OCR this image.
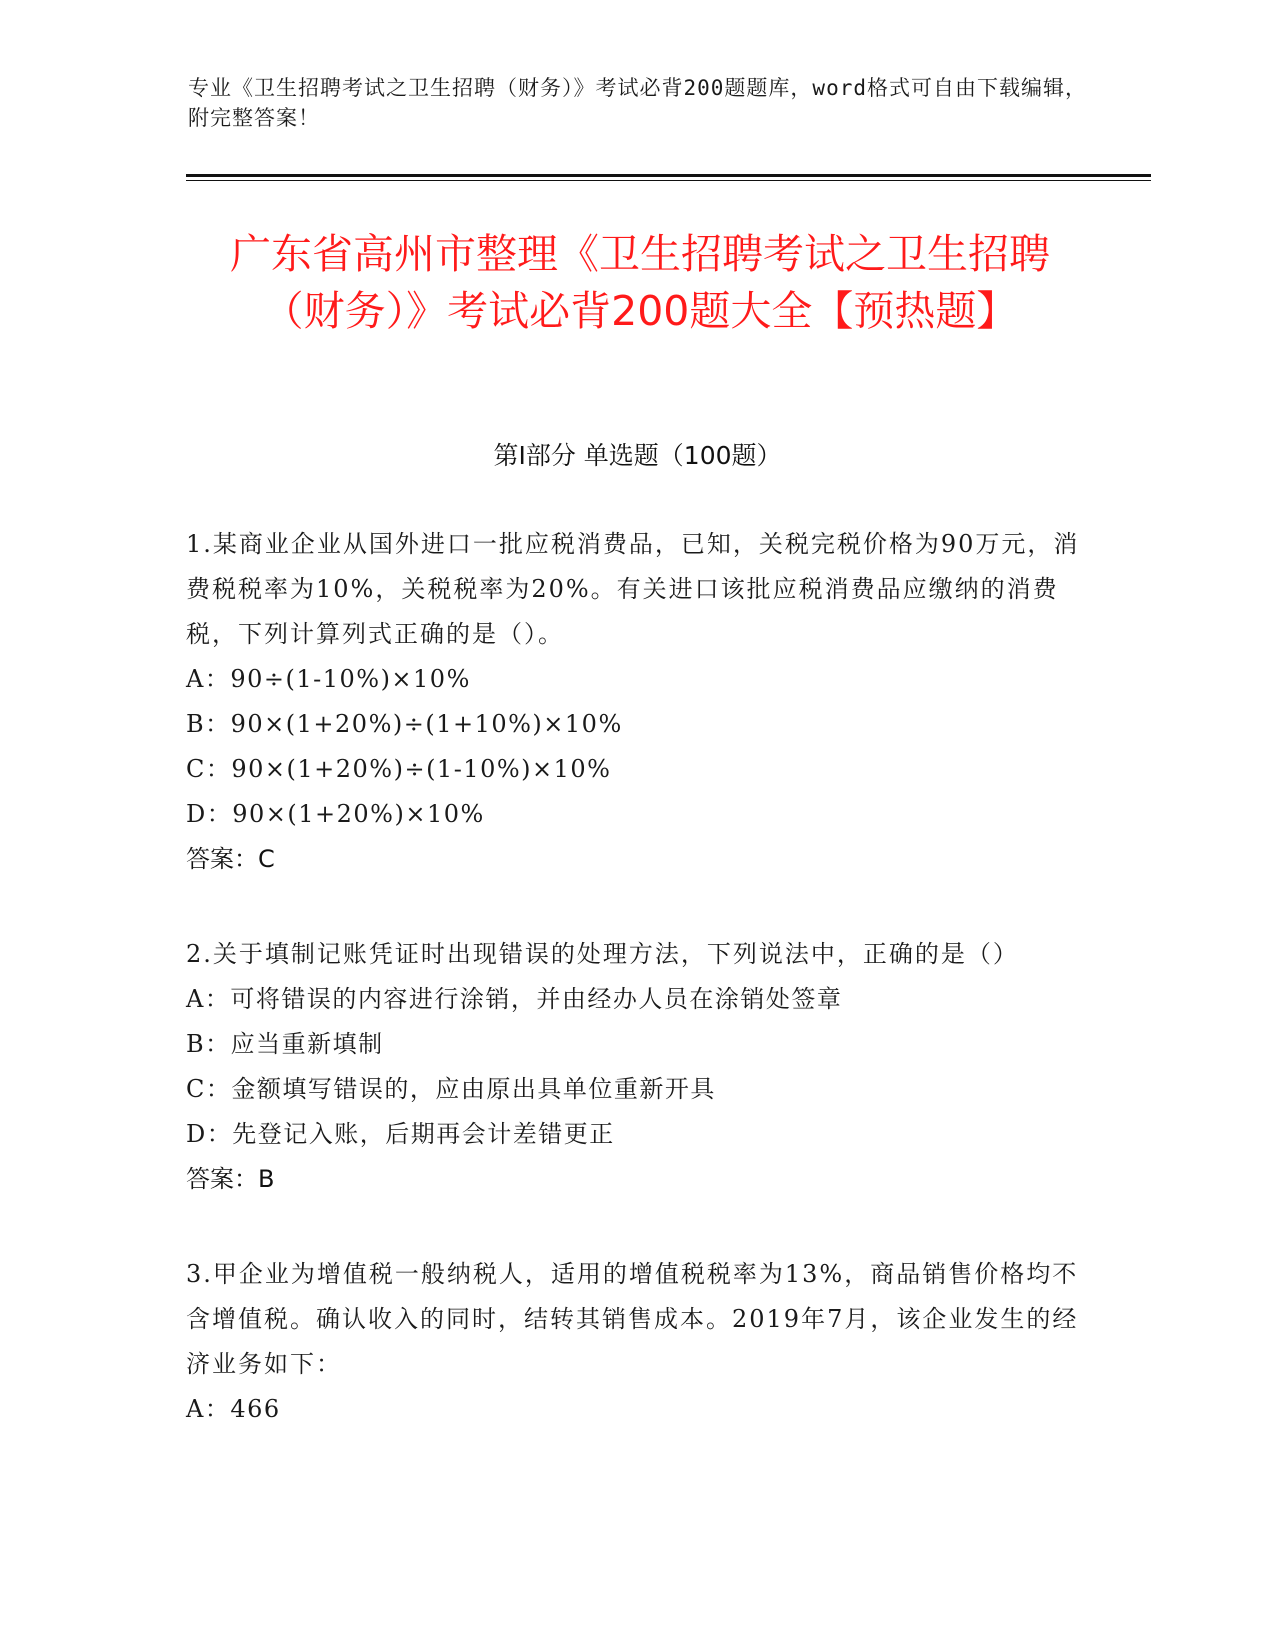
专业《卫生招聘考试之卫生招聘（财务）》考试必背200题题库，word格式可自由下载编辑，附完整答案！
广东省高州市整理《卫生招聘考试之卫生招聘（财务）》考试必背200题大全【预热题】
第Ⅰ部分 单选题（100题）
1.某商业企业从国外进口一批应税消费品，已知，关税完税价格为90万元，消费税税率为10%，关税税率为20%。有关进口该批应税消费品应缴纳的消费税，下列计算列式正确的是（）。
A：90÷(1-10%)×10%
B：90×(1+20%)÷(1+10%)×10%
C：90×(1+20%)÷(1-10%)×10%
D：90×(1+20%)×10%
答案：C
2.关于填制记账凭证时出现错误的处理方法，下列说法中，正确的是（）
A：可将错误的内容进行涂销，并由经办人员在涂销处签章
B：应当重新填制
C：金额填写错误的，应由原出具单位重新开具
D：先登记入账，后期再会计差错更正
答案：B
3.甲企业为增值税一般纳税人，适用的增值税税率为13%，商品销售价格均不含增值税。确认收入的同时，结转其销售成本。2019年7月，该企业发生的经济业务如下：
A：466
